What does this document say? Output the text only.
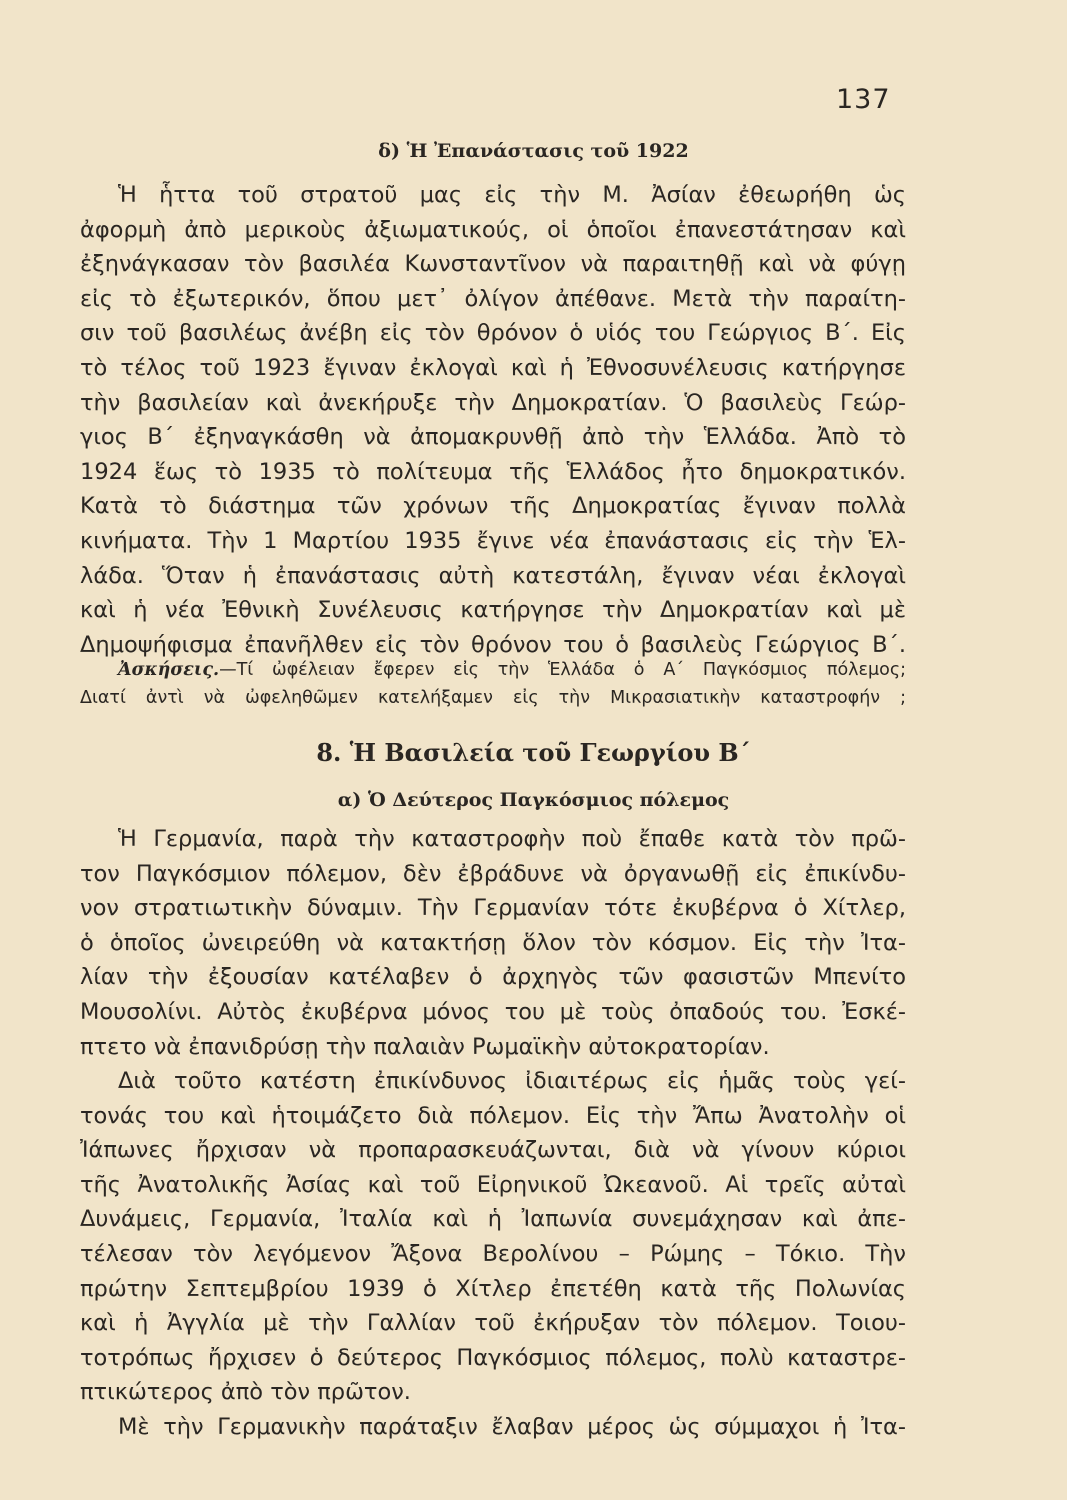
137
δ) Ἡ Ἐπανάστασις τοῦ 1922
Ἡ ἧττα τοῦ στρατοῦ μας εἰς τὴν Μ. Ἀσίαν ἐθεωρήθη ὡς
ἀφορμὴ ἀπὸ μερικοὺς ἀξιωματικούς, οἱ ὁποῖοι ἐπανεστάτησαν καὶ
ἐξηνάγκασαν τὸν βασιλέα Κωνσταντῖνον νὰ παραιτηθῇ καὶ νὰ φύγῃ
εἰς τὸ ἐξωτερικόν, ὅπου μετ᾽ ὀλίγον ἀπέθανε. Μετὰ τὴν παραίτη-
σιν τοῦ βασιλέως ἀνέβη εἰς τὸν θρόνον ὁ υἱός του Γεώργιος Β΄. Εἰς
τὸ τέλος τοῦ 1923 ἔγιναν ἐκλογαὶ καὶ ἡ Ἐθνοσυνέλευσις κατήργησε
τὴν βασιλείαν καὶ ἀνεκήρυξε τὴν Δημοκρατίαν. Ὁ βασιλεὺς Γεώρ-
γιος Β΄ ἐξηναγκάσθη νὰ ἀπομακρυνθῇ ἀπὸ τὴν Ἑλλάδα. Ἀπὸ τὸ
1924 ἕως τὸ 1935 τὸ πολίτευμα τῆς Ἑλλάδος ἦτο δημοκρατικόν.
Κατὰ τὸ διάστημα τῶν χρόνων τῆς Δημοκρατίας ἔγιναν πολλὰ
κινήματα. Τὴν 1 Μαρτίου 1935 ἔγινε νέα ἐπανάστασις εἰς τὴν Ἑλ-
λάδα. Ὅταν ἡ ἐπανάστασις αὐτὴ κατεστάλη, ἔγιναν νέαι ἐκλογαὶ
καὶ ἡ νέα Ἐθνικὴ Συνέλευσις κατήργησε τὴν Δημοκρατίαν καὶ μὲ
Δημοψήφισμα ἐπανῆλθεν εἰς τὸν θρόνον του ὁ βασιλεὺς Γεώργιος Β΄.
Ἀσκήσεις.—Τί ὠφέλειαν ἔφερεν εἰς τὴν Ἑλλάδα ὁ Α΄ Παγκόσμιος πόλεμος;
Διατί ἀντὶ νὰ ὠφεληθῶμεν κατελήξαμεν εἰς τὴν Μικρασιατικὴν καταστροφήν ;
8. Ἡ Βασιλεία τοῦ Γεωργίου Β΄
α) Ὁ Δεύτερος Παγκόσμιος πόλεμος
Ἡ Γερμανία, παρὰ τὴν καταστροφὴν ποὺ ἔπαθε κατὰ τὸν πρῶ-
τον Παγκόσμιον πόλεμον, δὲν ἐβράδυνε νὰ ὀργανωθῇ εἰς ἐπικίνδυ-
νον στρατιωτικὴν δύναμιν. Τὴν Γερμανίαν τότε ἐκυβέρνα ὁ Χίτλερ,
ὁ ὁποῖος ὠνειρεύθη νὰ κατακτήσῃ ὅλον τὸν κόσμον. Εἰς τὴν Ἰτα-
λίαν τὴν ἐξουσίαν κατέλαβεν ὁ ἀρχηγὸς τῶν φασιστῶν Μπενίτο
Μουσολίνι. Αὐτὸς ἐκυβέρνα μόνος του μὲ τοὺς ὀπαδούς του. Ἐσκέ-
πτετο νὰ ἐπανιδρύσῃ τὴν παλαιὰν Ρωμαϊκὴν αὐτοκρατορίαν.
Διὰ τοῦτο κατέστη ἐπικίνδυνος ἰδιαιτέρως εἰς ἡμᾶς τοὺς γεί-
τονάς του καὶ ἡτοιμάζετο διὰ πόλεμον. Εἰς τὴν Ἄπω Ἀνατολὴν οἱ
Ἰάπωνες ἤρχισαν νὰ προπαρασκευάζωνται, διὰ νὰ γίνουν κύριοι
τῆς Ἀνατολικῆς Ἀσίας καὶ τοῦ Εἰρηνικοῦ Ὠκεανοῦ. Αἱ τρεῖς αὐταὶ
Δυνάμεις, Γερμανία, Ἰταλία καὶ ἡ Ἰαπωνία συνεμάχησαν καὶ ἀπε-
τέλεσαν τὸν λεγόμενον Ἄξονα Βερολίνου – Ρώμης – Τόκιο. Τὴν
πρώτην Σεπτεμβρίου 1939 ὁ Χίτλερ ἐπετέθη κατὰ τῆς Πολωνίας
καὶ ἡ Ἀγγλία μὲ τὴν Γαλλίαν τοῦ ἐκήρυξαν τὸν πόλεμον. Τοιου-
τοτρόπως ἤρχισεν ὁ δεύτερος Παγκόσμιος πόλεμος, πολὺ καταστρε-
πτικώτερος ἀπὸ τὸν πρῶτον.
Μὲ τὴν Γερμανικὴν παράταξιν ἔλαβαν μέρος ὡς σύμμαχοι ἡ Ἰτα-
